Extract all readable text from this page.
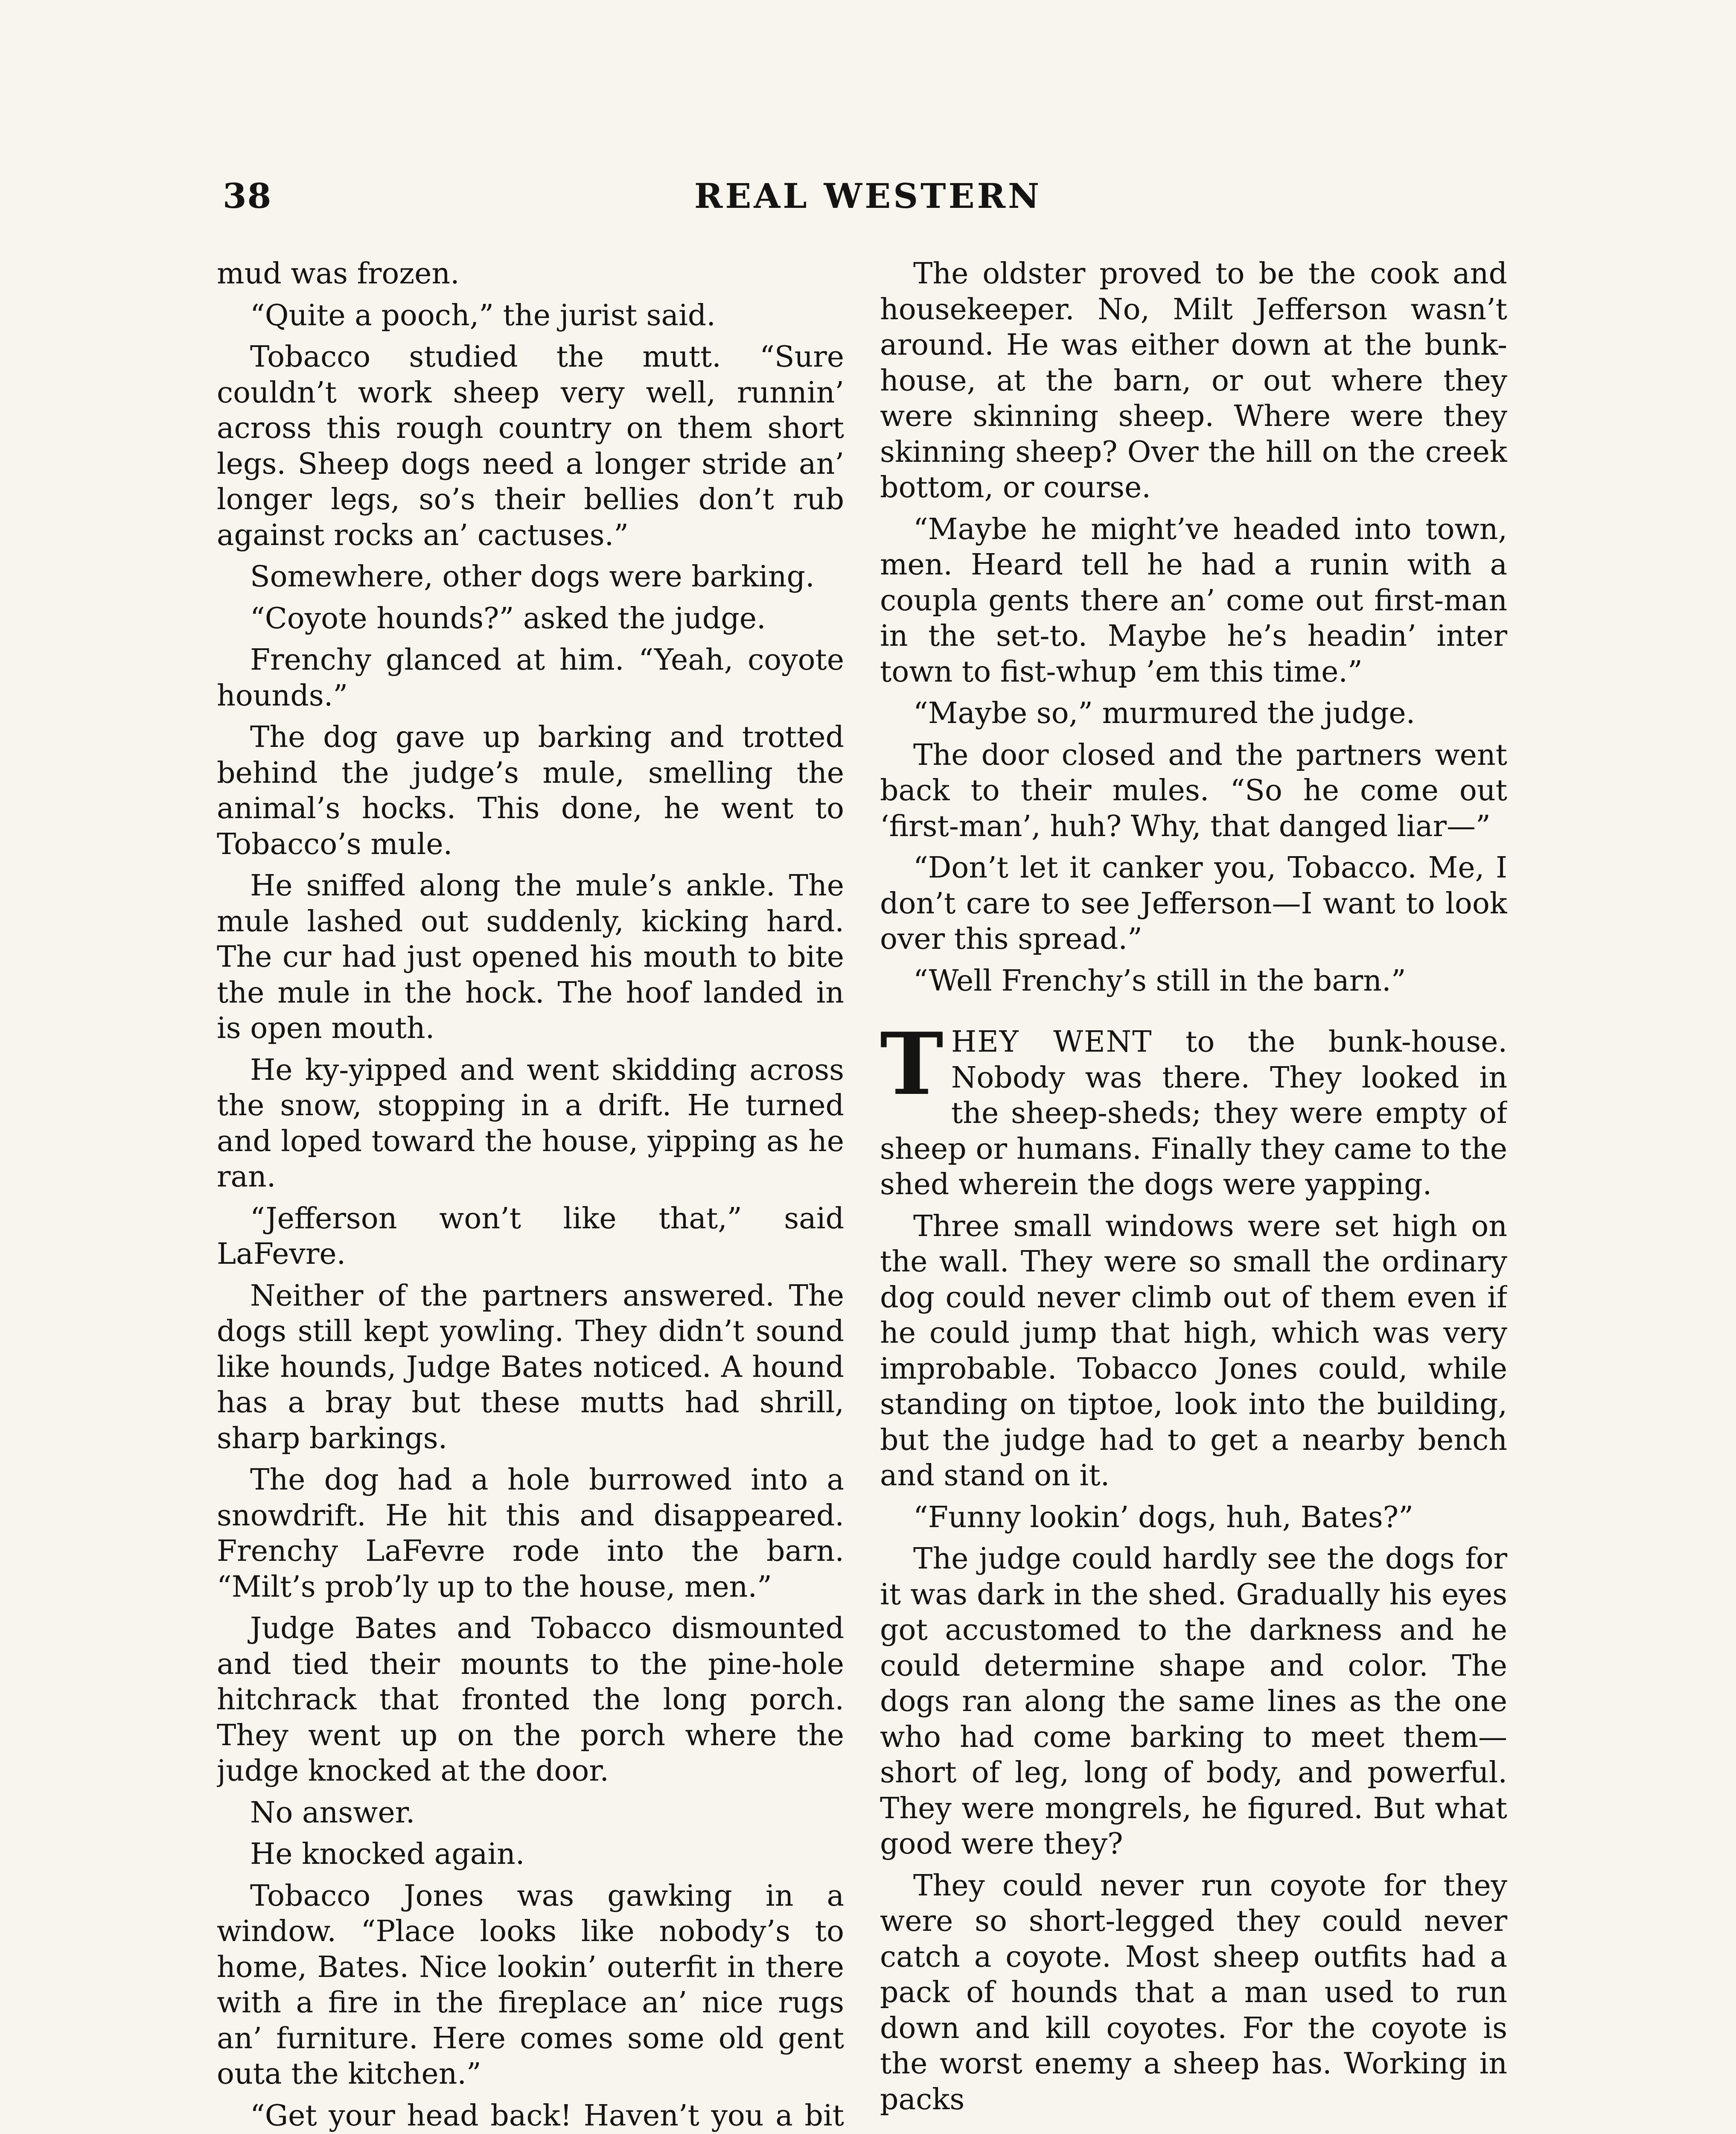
38	REAL WESTERN

mud was frozen.

“Quite a pooch,” the jurist said.

Tobacco studied the mutt. “Sure couldn’t work sheep very well, runnin’ across this rough country on them short legs. Sheep dogs need a longer stride an’ longer legs, so’s their bellies don’t rub against rocks an’ cactuses.”

Somewhere, other dogs were barking.

“Coyote hounds?” asked the judge.

Frenchy glanced at him. “Yeah, coyote hounds.”

The dog gave up barking and trotted behind the judge’s mule, smelling the animal’s hocks. This done, he went to Tobacco’s mule.

He sniffed along the mule’s ankle. The mule lashed out suddenly, kicking hard. The cur had just opened his mouth to bite the mule in the hock. The hoof landed in is open mouth.

He ky-yipped and went skidding across the snow, stopping in a drift. He turned and loped toward the house, yipping as he ran.

“Jefferson won’t like that,” said LaFevre.

Neither of the partners answered. The dogs still kept yowling. They didn’t sound like hounds, Judge Bates noticed. A hound has a bray but these mutts had shrill, sharp barkings.

The dog had a hole burrowed into a snowdrift. He hit this and disappeared. Frenchy LaFevre rode into the barn. “Milt’s prob’ly up to the house, men.”

Judge Bates and Tobacco dismounted and tied their mounts to the pine-hole hitchrack that fronted the long porch. They went up on the porch where the judge knocked at the door.

No answer.

He knocked again.

Tobacco Jones was gawking in a window. “Place looks like nobody’s to home, Bates. Nice lookin’ outerfit in there with a fire in the fireplace an’ nice rugs an’ furniture. Here comes some old gent outa the kitchen.”

“Get your head back! Haven’t you a bit

The oldster proved to be the cook and housekeeper. No, Milt Jefferson wasn’t around. He was either down at the bunk-house, at the barn, or out where they were skinning sheep. Where were they skinning sheep? Over the hill on the creek bottom, or course.

“Maybe he might’ve headed into town, men. Heard tell he had a runin with a coupla gents there an’ come out first-man in the set-to. Maybe he’s headin’ inter town to fist-whup ’em this time.”

“Maybe so,” murmured the judge.

The door closed and the partners went back to their mules. “So he come out ‘first-man’, huh? Why, that danged liar—”

“Don’t let it canker you, Tobacco. Me, I don’t care to see Jefferson—I want to look over this spread.”

“Well Frenchy’s still in the barn.”

THEY WENT to the bunk-house. Nobody was there. They looked in the sheep-sheds; they were empty of sheep or humans. Finally they came to the shed wherein the dogs were yapping.

Three small windows were set high on the wall. They were so small the ordinary dog could never climb out of them even if he could jump that high, which was very improbable. Tobacco Jones could, while standing on tiptoe, look into the building, but the judge had to get a nearby bench and stand on it.

“Funny lookin’ dogs, huh, Bates?”

The judge could hardly see the dogs for it was dark in the shed. Gradually his eyes got accustomed to the darkness and he could determine shape and color. The dogs ran along the same lines as the one who had come barking to meet them—short of leg, long of body, and powerful. They were mongrels, he figured. But what good were they?

They could never run coyote for they were so short-legged they could never catch a coyote. Most sheep outfits had a pack of hounds that a man used to run down and kill coyotes. For the coyote is the worst enemy a sheep has. Working in packs
